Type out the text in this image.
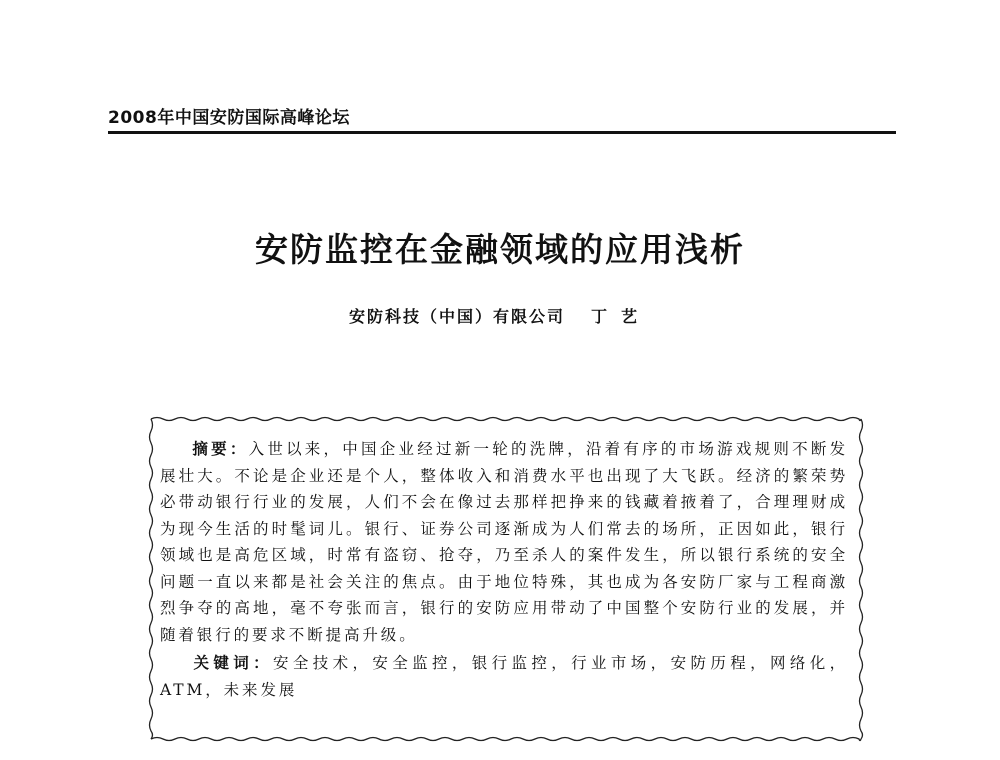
2008年中国安防国际高峰论坛
安防监控在金融领域的应用浅析
安防科技（中国）有限公司 丁艺

摘要：入世以来，中国企业经过新一轮的洗牌，沿着有序的市场游戏规则不断发展壮大。不论是企业还是个人，整体收入和消费水平也出现了大飞跃。经济的繁荣势必带动银行行业的发展，人们不会在像过去那样把挣来的钱藏着掖着了，合理理财成为现今生活的时髦词儿。银行、证券公司逐渐成为人们常去的场所，正因如此，银行领域也是高危区域，时常有盗窃、抢夺，乃至杀人的案件发生，所以银行系统的安全问题一直以来都是社会关注的焦点。由于地位特殊，其也成为各安防厂家与工程商激烈争夺的高地，毫不夸张而言，银行的安防应用带动了中国整个安防行业的发展，并随着银行的要求不断提高升级。

关键词：安全技术，安全监控，银行监控，行业市场，安防历程，网络化，ATM，未来发展
